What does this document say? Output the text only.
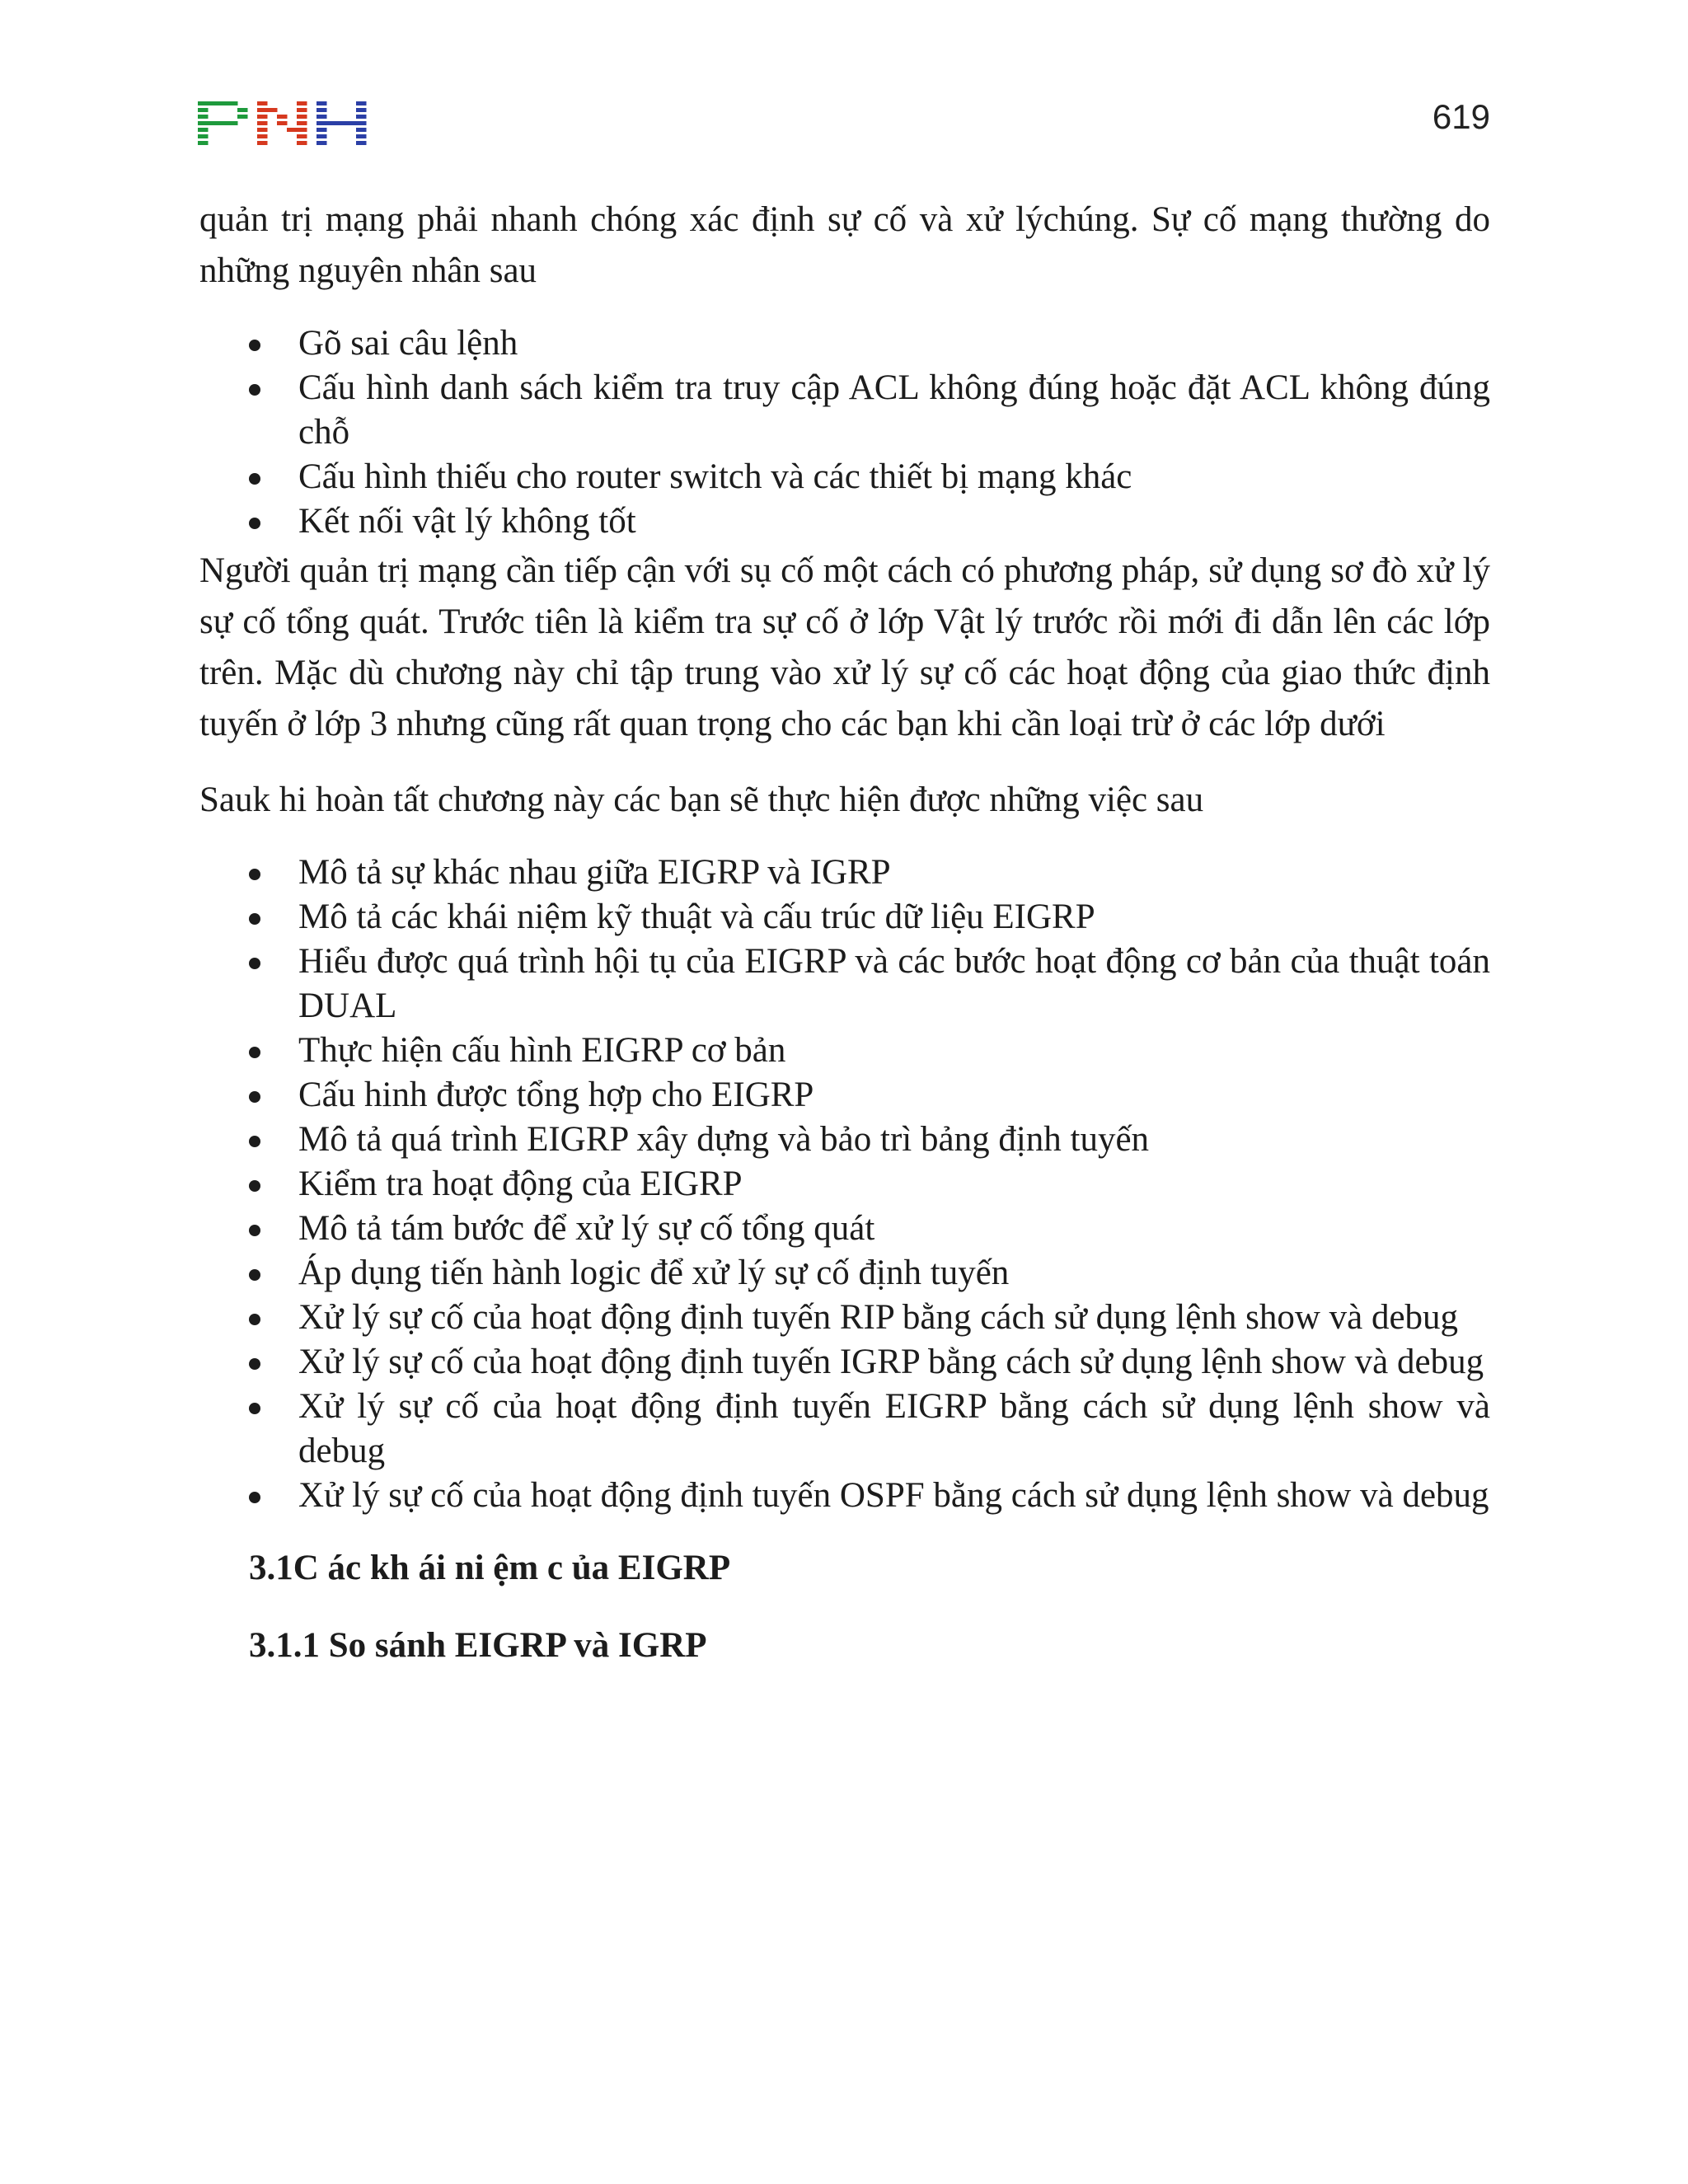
619

quản trị mạng phải nhanh chóng xác định sự cố và xử lýchúng. Sự cố mạng thường do những nguyên nhân sau

Gõ sai câu lệnh
Cấu hình danh sách kiểm tra truy cập ACL không đúng hoặc đặt ACL không đúng chỗ
Cấu hình thiếu cho router switch và các thiết bị mạng khác
Kết nối vật lý không tốt

Người quản trị mạng cần tiếp cận với sụ cố một cách có phương pháp, sử dụng sơ đò xử lý sự cố tổng quát. Trước tiên là kiểm tra sự cố ở lớp Vật lý trước rồi mới đi dẫn lên các lớp trên. Mặc dù chương này chỉ tập trung vào xử lý sự cố các hoạt động của giao thức định tuyến ở lớp 3 nhưng cũng rất quan trọng cho các bạn khi cần loại trừ ở các lớp dưới

Sauk hi hoàn tất chương này các bạn sẽ thực hiện được những việc sau

Mô tả sự khác nhau giữa EIGRP và IGRP
Mô tả các khái niệm kỹ thuật và cấu trúc dữ liệu EIGRP
Hiểu được quá trình hội tụ của EIGRP và các bước hoạt động cơ bản của thuật toán DUAL
Thực hiện cấu hình EIGRP cơ bản
Cấu hinh được tổng hợp cho EIGRP
Mô tả quá trình EIGRP xây dựng và bảo trì bảng định tuyến
Kiểm tra hoạt động của EIGRP
Mô tả tám bước để xử lý sự cố tổng quát
Áp dụng tiến hành logic để xử lý sự cố định tuyến
Xử lý sự cố của hoạt động định tuyến RIP bằng cách sử dụng lệnh show và debug
Xử lý sự cố của hoạt động định tuyến IGRP bằng cách sử dụng lệnh show và debug
Xử lý sự cố của hoạt động định tuyến EIGRP bằng cách sử dụng lệnh show và debug
Xử lý sự cố của hoạt động định tuyến OSPF bằng cách sử dụng lệnh show và debug
3.1C ác kh ái ni ệm c ủa EIGRP
3.1.1 So sánh EIGRP và IGRP
